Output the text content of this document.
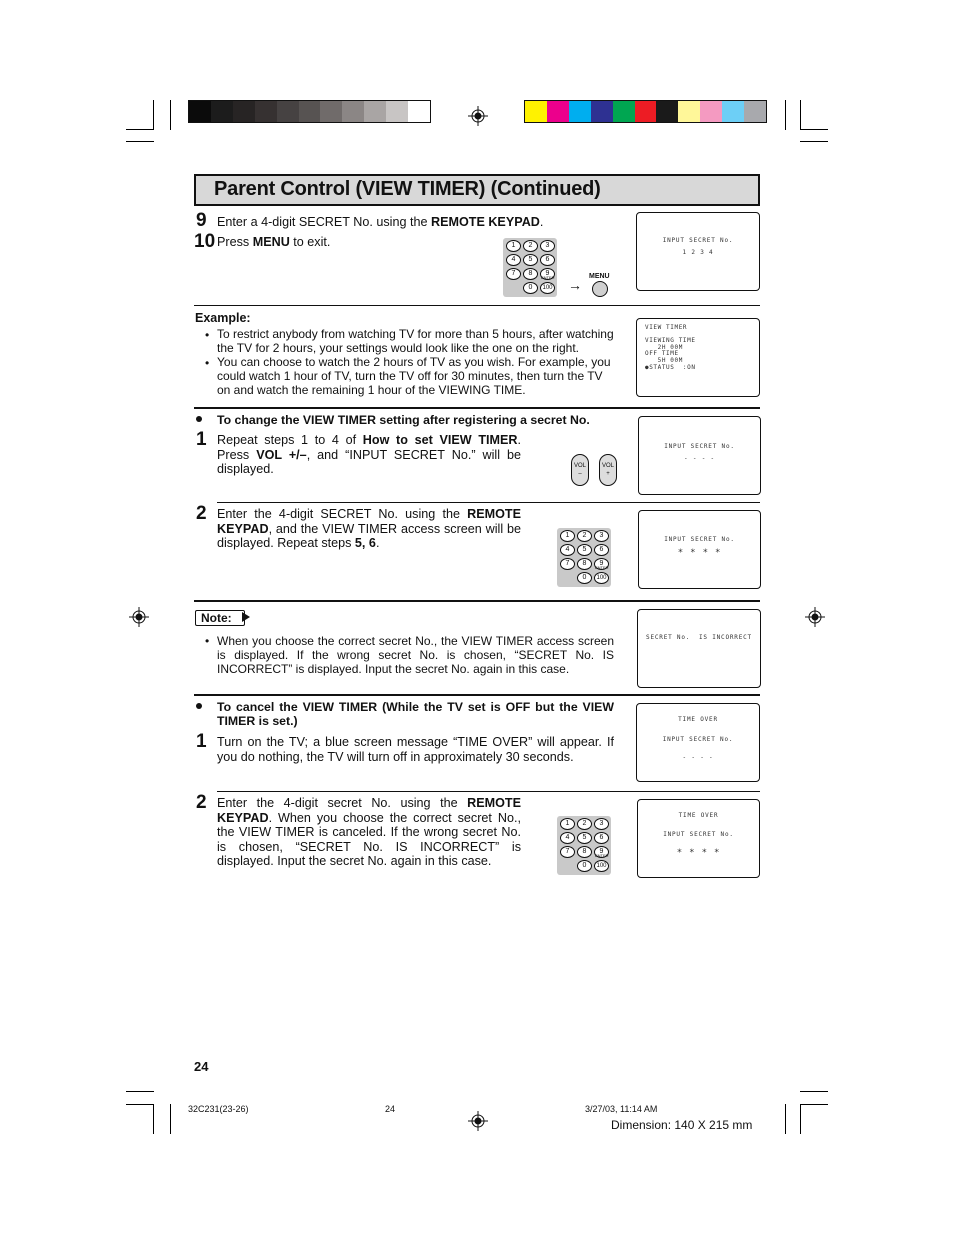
Parent Control (VIEW TIMER) (Continued)
9 Enter a 4-digit SECRET No. using the REMOTE KEYPAD.
10 Press MENU to exit.	1	2	3
4	5	6
7	8	9
0	100
ENTER →
MENU
INPUT SECRET No.
1 2 3 4
Example:
• To restrict anybody from watching TV for more than 5 hours, after watching the TV for 2 hours, your settings would look like the one on the right.
• You can choose to watch the 2 hours of TV as you wish. For example, you could watch 1 hour of TV, turn the TV off for 30 minutes, then turn the TV on and watch the remaining 1 hour of the VIEWING TIME.
VIEW TIMER

VIEWING TIME
2H 00M
OFF TIME
5H 00M
●STATUS  :ON
To change the VIEW TIMER setting after registering a secret No.
1 Repeat steps 1 to 4 of How to set VIEW TIMER. Press VOL +/–, and “INPUT SECRET No.” will be displayed.	VOL
–
VOL
+
INPUT SECRET No.
- - - -
2 Enter the 4-digit SECRET No. using the REMOTE KEYPAD, and the VIEW TIMER access screen will be displayed. Repeat steps 5, 6.
1	2	3
4	5	6
7	8	9
0	100
ENTER
INPUT SECRET No.
* * * *
Note:
• When you choose the correct secret No., the VIEW TIMER access screen is displayed. If the wrong secret No. is chosen, “SECRET No. IS INCORRECT” is displayed. Input the secret No. again in this case.
SECRET No.  IS INCORRECT
To cancel the VIEW TIMER (While the TV set is OFF but the VIEW TIMER is set.)
1 Turn on the TV; a blue screen message “TIME OVER” will appear. If you do nothing, the TV will turn off in approximately 30 seconds.
TIME OVER
INPUT SECRET No.
- - - -
2 Enter the 4-digit secret No. using the REMOTE KEYPAD. When you choose the correct secret No., the VIEW TIMER is canceled. If the wrong secret No. is chosen, “SECRET No. IS INCORRECT” is displayed. Input the secret No. again in this case.
1	2	3
4	5	6
7	8	9
0	100
ENTER
TIME OVER
INPUT SECRET No.
* * * *
24
32C231(23-26)	24	3/27/03, 11:14 AM
Dimension: 140 X 215 mm
